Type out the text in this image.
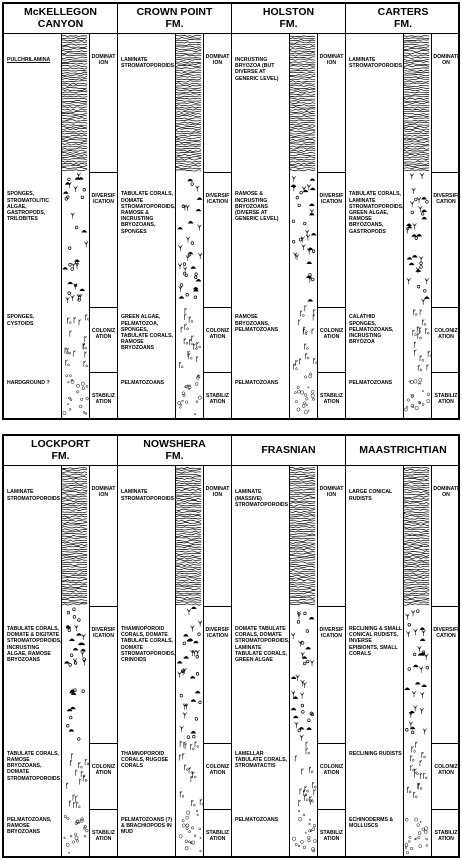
McKELLEGON
CANYON
PULCHRILAMINA
SPONGES, STROMATOLITIC ALGAE, GASTROPODS, TRILOBITES
SPONGES, CYSTOIDS
HARDGROUND ?
DOMINATION
DIVERSIFICATION
COLONIZATION
STABILIZATION
CROWN POINT
FM.
LAMINATE STROMATOPOROIDS
TABULATE CORALS, DOMATE STROMATOPOROIDS, RAMOSE & INCRUSTING BRYOZOANS, SPONGES
GREEN ALGAE, PELMATOZOA, SPONGES, TABULATE CORALS, RAMOSE BRYOZOANS
PELMATOZOANS
DOMINATION
DIVERSIFICATION
COLONIZATION
STABILIZATION
HOLSTON
FM.
INCRUSTING BRYOZOA (BUT DIVERSE AT GENERIC LEVEL)
RAMOSE & INCRUSTING BRYOZOANS (DIVERSE AT GENERIC LEVEL)
RAMOSE BRYOZOANS, PELMATOZOANS
PELMATOZOANS
DOMINATION
DIVERSIFICATION
COLONIZATION
STABILIZATION
CARTERS
FM.
LAMINATE STROMATOPOROIDS
TABULATE CORALS, LAMINATE STROMATOPOROIDS, GREEN ALGAE, RAMOSE BRYOZOANS, GASTROPODS
CALATHID SPONGES, PELMATOZOANS, INCRUSTING BRYOZOA
PELMATOZOANS
DOMINATION
DIVERSIFICATION
COLONIZATION
STABILIZATION
LOCKPORT
FM.
LAMINATE STROMATOPOROIDS
TABULATE CORALS, DOMATE & DIGITATE STROMATOPOROIDS, INCRUSTING ALGAE, RAMOSE BRYOZOANS
TABULATE CORALS, RAMOSE BRYOZOANS, DOMATE STROMATOPOROIDS
PELMATOZOANS, RAMOSE BRYOZOANS
DOMINATION
DIVERSIFICATION
COLONIZATION
STABILIZATION
NOWSHERA
FM.
LAMINATE STROMATOPOROIDS
THAMNOPOROID CORALS, DOMATE TABULATE CORALS, DOMATE STROMATOPOROIDS, CRINOIDS
THAMNOPOROID CORALS, RUGOSE CORALS
PELMATOZOANS (?) & BRACHIOPODS IN MUD
DOMINATION
DIVERSIFICATION
COLONIZATION
STABILIZATION
FRASNIAN
LAMINATE (MASSIVE) STROMATOPOROIDS
DOMATE TABULATE CORALS, DOMATE STROMATOPOROIDS, LAMINATE TABULATE CORALS, GREEN ALGAE
LAMELLAR TABULATE CORALS, STROMATACTIS
PELMATOZOANS
DOMINATION
DIVERSIFICATION
COLONIZATION
STABILIZATION
MAASTRICHTIAN
LARGE CONICAL RUDISTS
RECLINING & SMALL CONICAL RUDISTS, INVERSE EPIBIONTS, SMALL CORALS
RECLINING RUDISTS
ECHINODERMS & MOLLUSCS
DOMINATION
DIVERSIFICATION
COLONIZATION
STABILIZATION
